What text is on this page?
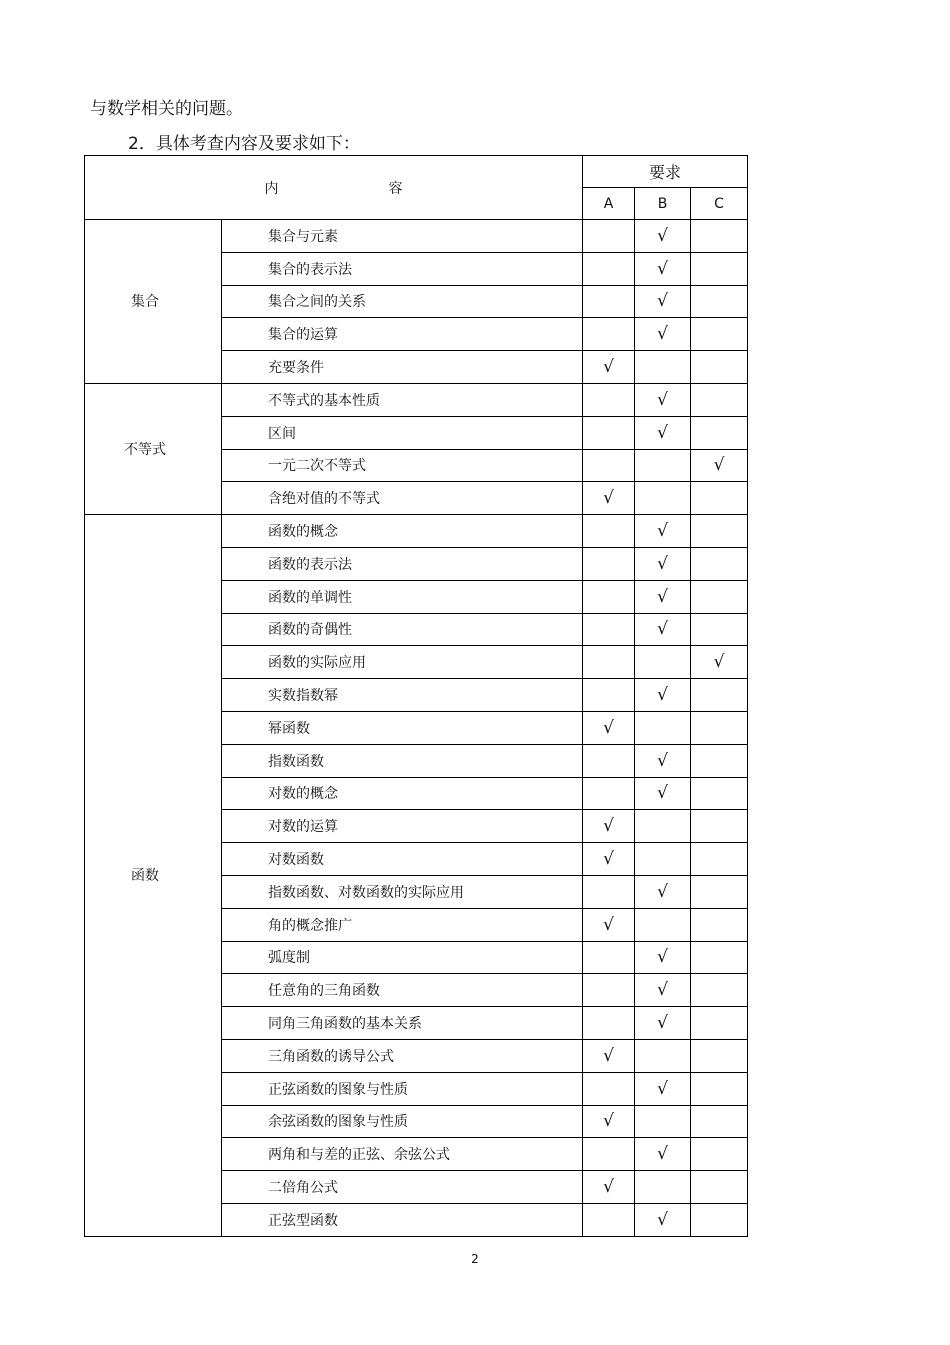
与数学相关的问题。
2．具体考查内容及要求如下：
内 容		要求		
		A	B	C
集合	集合与元素		√	
	集合的表示法		√	
	集合之间的关系		√	
	集合的运算		√	
	充要条件	√		
不等式	不等式的基本性质		√	
	区间		√	
	一元二次不等式			√
	含绝对值的不等式	√		
函数	函数的概念		√	
	函数的表示法		√	
	函数的单调性		√	
	函数的奇偶性		√	
	函数的实际应用			√
	实数指数幂		√	
	幂函数	√		
	指数函数		√	
	对数的概念		√	
	对数的运算	√		
	对数函数	√		
	指数函数、对数函数的实际应用		√	
	角的概念推广	√		
	弧度制		√	
	任意角的三角函数		√	
	同角三角函数的基本关系		√	
	三角函数的诱导公式	√		
	正弦函数的图象与性质		√	
	余弦函数的图象与性质	√		
	两角和与差的正弦、余弦公式		√	
	二倍角公式	√		
	正弦型函数		√	
2
